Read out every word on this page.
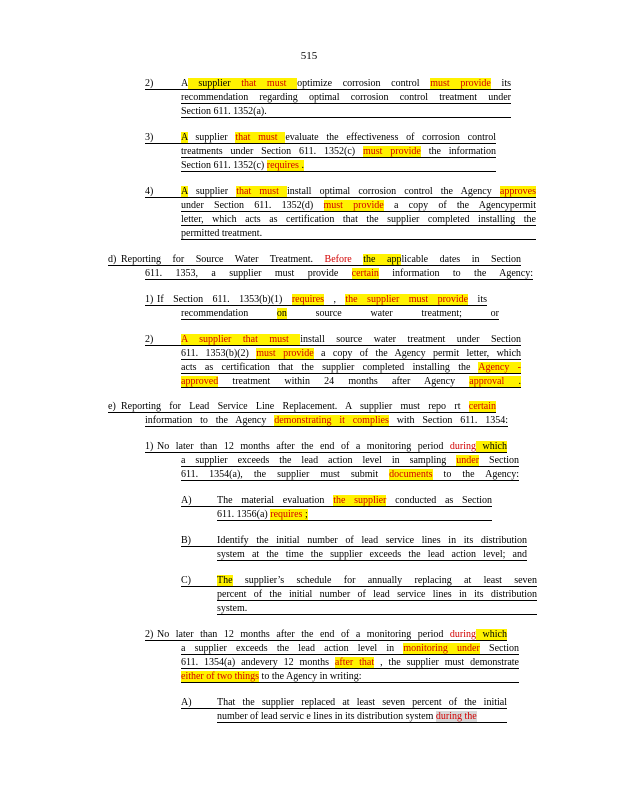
515
2)	A supplier that must optimize corrosion control must provide its
recommendation regarding optimal corrosion control treatment under
Section 611. 1352(a).
3)	A supplier that must evaluate the effectiveness of corrosion control
treatments under Section 611. 1352(c) must provide the information
Section 611. 1352(c) requires .
4)	A supplier that must install optimal corrosion control the Agency approves
under Section 611. 1352(d) must provide a copy of the Agencypermit
letter, which acts as certification that the supplier completed installing the
permitted treatment.
d) Reporting for Source Water Treatment. Before the applicable dates in Section
611. 1353, a supplier must provide certain information to the Agency:
1) If Section 611. 1353(b)(1) requires , the supplier must provide its
recommendation on source water treatment; or
2)	A supplier that must install source water treatment under Section
611. 1353(b)(2) must provide a copy of the Agency permit letter, which
acts as certification that the supplier completed installing the Agency -
approved treatment within 24 months after Agency approval .
e) Reporting for Lead Service Line Replacement. A supplier must repo rt certain
information to the Agency demonstrating it complies with Section 611. 1354:
1) No later than 12 months after the end of a monitoring period during which
a supplier exceeds the lead action level in sampling under Section
611. 1354(a), the supplier must submit documents to the Agency:
A)	The material evaluation the supplier conducted as Section
611. 1356(a) requires ;
B)	Identify the initial number of lead service lines in its distribution
system at the time the supplier exceeds the lead action level; and
C)	The supplier’s schedule for annually replacing at least seven
percent of the initial number of lead service lines in its distribution
system.
2) No later than 12 months after the end of a monitoring period during which
a supplier exceeds the lead action level in monitoring under Section
611. 1354(a) andevery 12 months after that , the supplier must demonstrate
either of two things to the Agency in writing:
A)	That the supplier replaced at least seven percent of the initial
number of lead servic e lines in its distribution system during the
